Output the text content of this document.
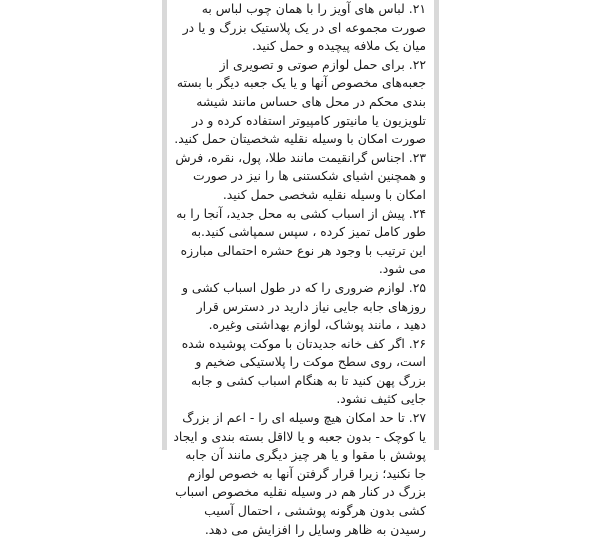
۲۱. لباس های آویز را با همان چوب لباس به صورت مجموعه ای در یک پلاستیک بزرگ و یا در میان یک ملافه پیچیده و حمل کنید.

۲۲. برای حمل لوازم صوتی و تصویری از جعبه‌های مخصوص آنها و یا یک جعبه دیگر با بسته بندی محکم در محل های حساس مانند شیشه تلویزیون یا مانیتور کامپیوتر استفاده کرده و در صورت امکان با وسیله نقلیه شخصیتان حمل کنید.

۲۳. اجناس گرانقیمت مانند طلا، پول، نقره، فرش و همچنین اشیای شکستنی ها را نیز در صورت امکان با وسیله نقلیه شخصی حمل کنید.

۲۴. پیش از اسباب کشی به محل جدید، آنجا را به طور کامل تمیز کرده ، سپس سمپاشی کنید.به این ترتیب با وجود هر نوع حشره احتمالی مبارزه می شود.

۲۵. لوازم ضروری را که در طول اسباب کشی و روزهای جابه جایی نیاز دارید در دسترس قرار دهید ، مانند پوشاک، لوازم بهداشتی وغیره.

۲۶. اگر کف خانه جدیدتان با موکت پوشیده شده است، روی سطح موکت را پلاستیکی ضخیم و بزرگ پهن کنید تا به هنگام اسباب کشی و جابه جایی کثیف نشود.

۲۷. تا حد امکان هیچ وسیله ای را - اعم از بزرگ یا کوچک - بدون جعبه و یا لااقل بسته بندی و ایجاد پوشش با مقوا و یا هر چیز دیگری مانند آن جابه جا نکنید؛ زیرا قرار گرفتن آنها به خصوص لوازم بزرگ در کنار هم در وسیله نقلیه مخصوص اسباب کشی بدون هرگونه پوششی ، احتمال آسیب رسیدن به ظاهر وسایل را افزایش می دهد.
